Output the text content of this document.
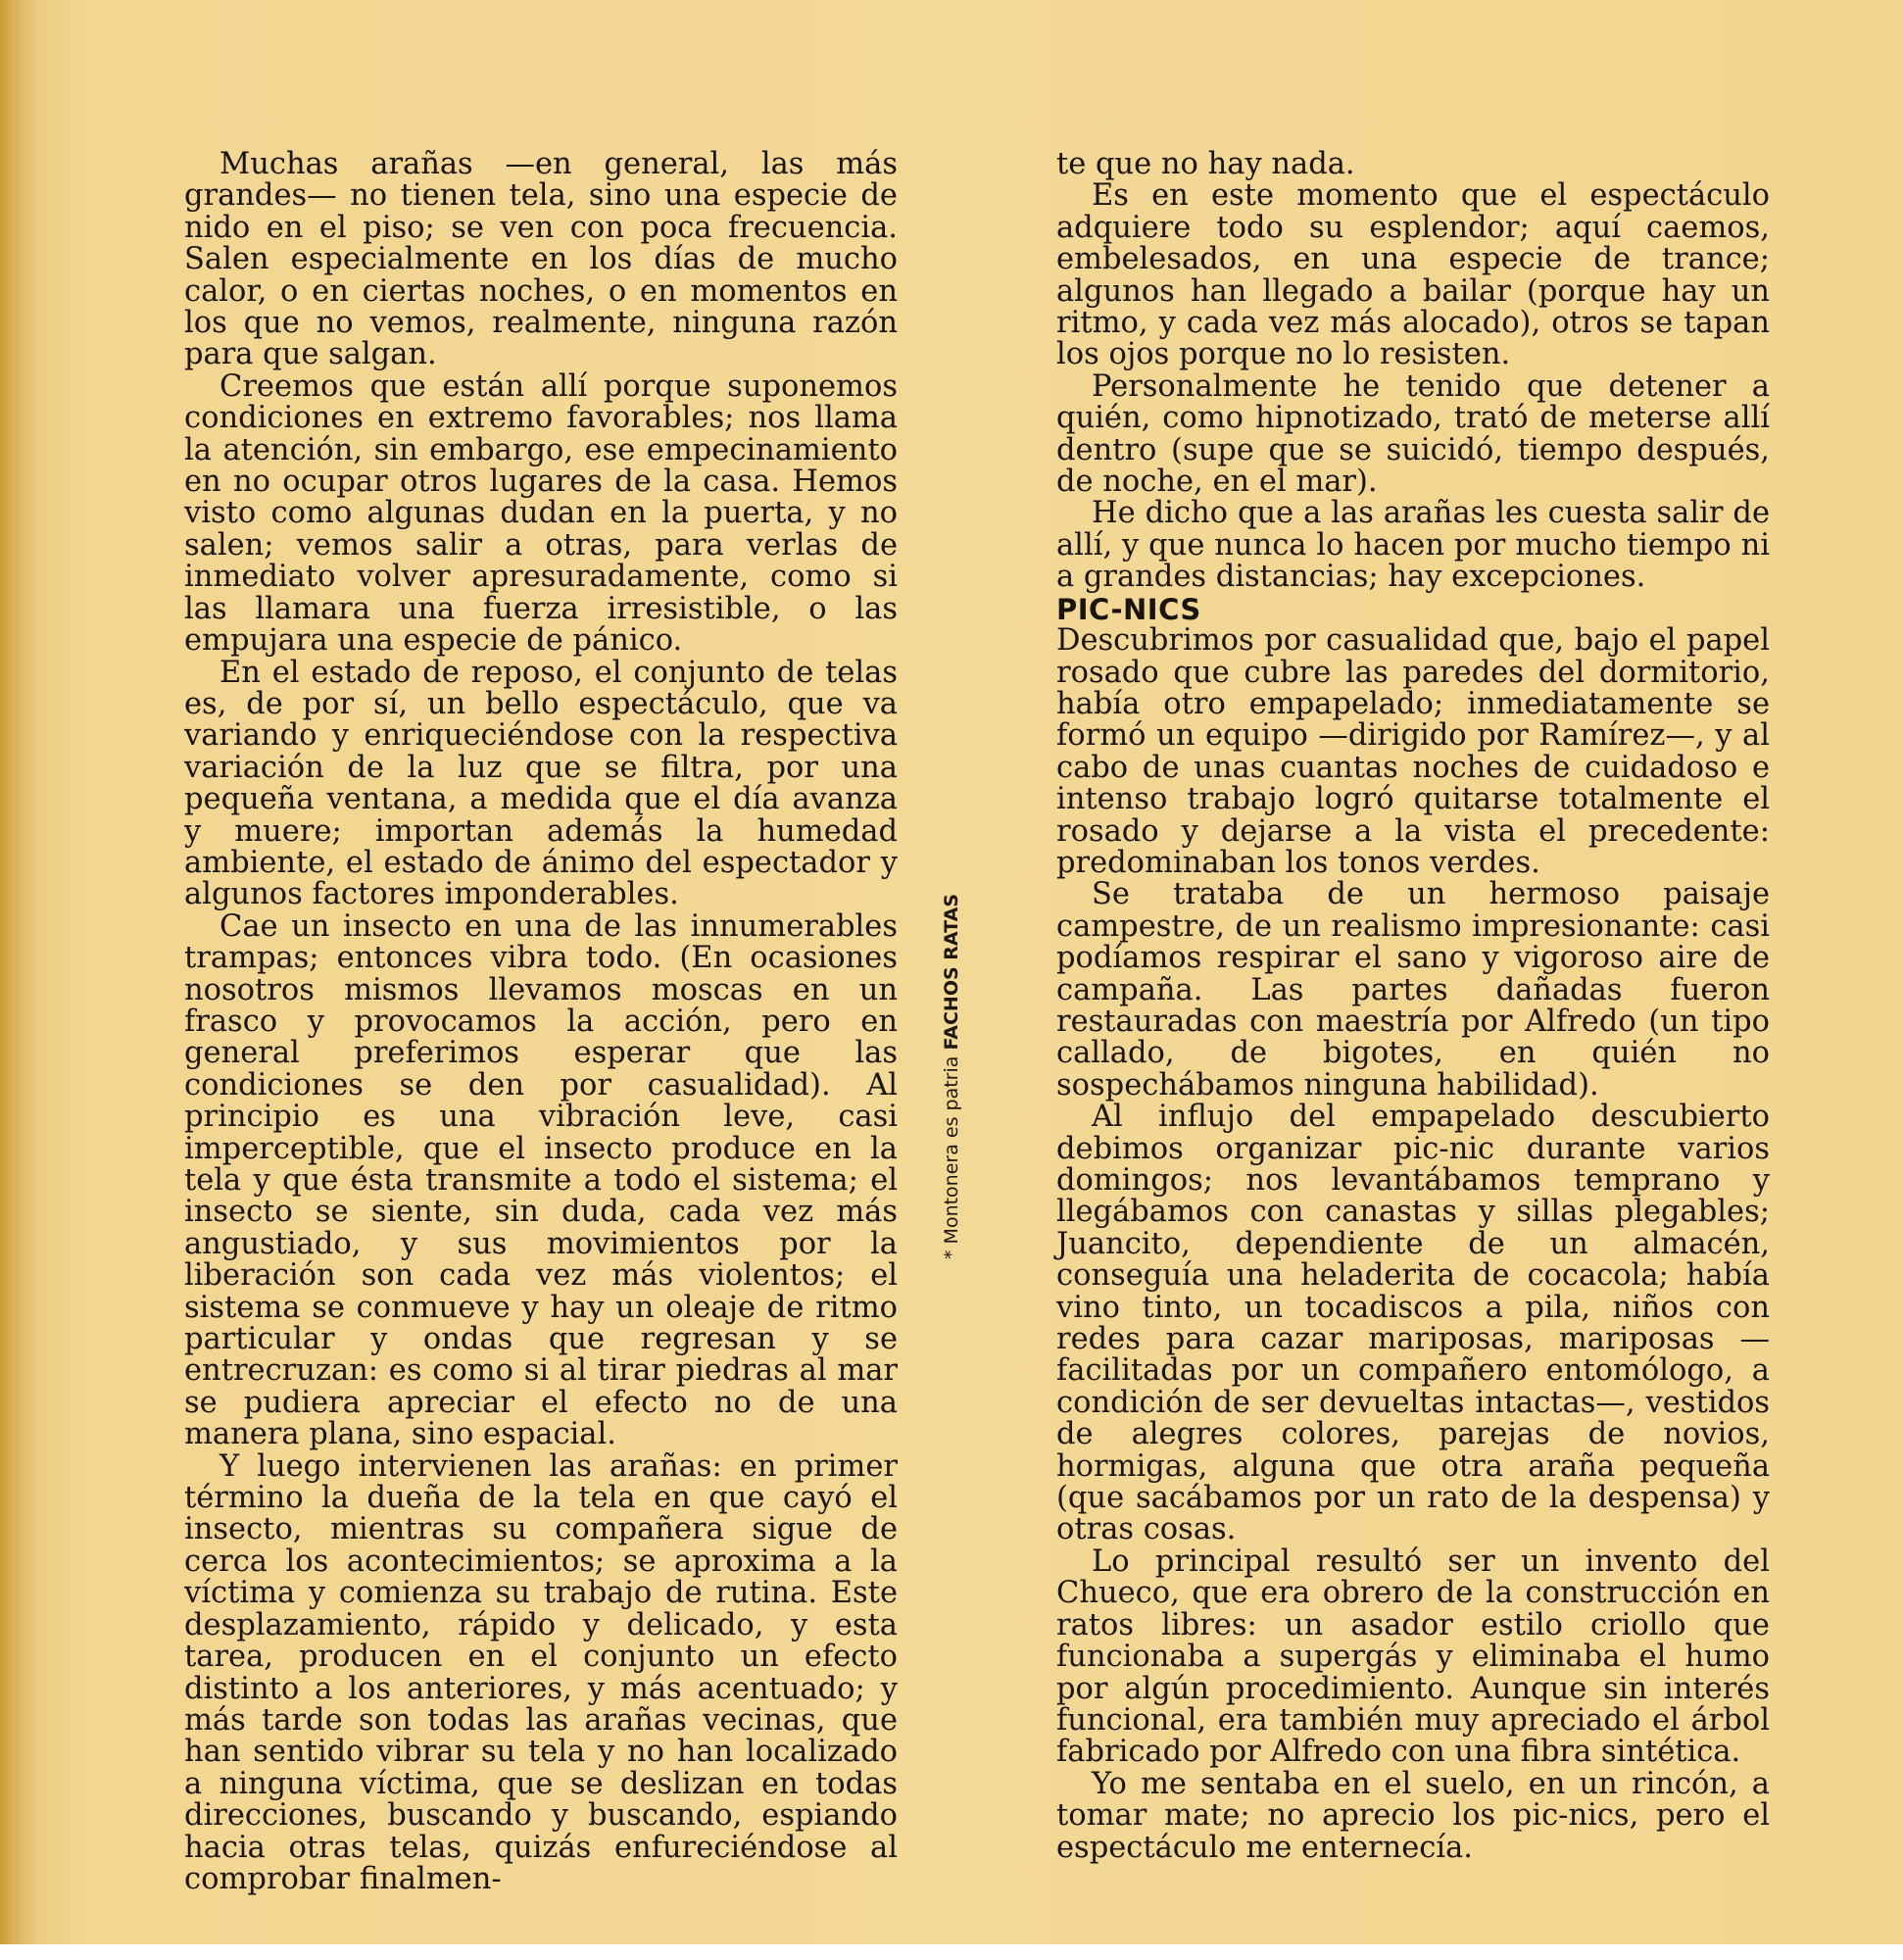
Muchas arañas —en general, las más grandes— no tienen tela, sino una especie de nido en el piso; se ven con poca frecuencia. Salen especialmente en los días de mucho calor, o en ciertas noches, o en momentos en los que no vemos, realmente, ninguna razón para que salgan.

Creemos que están allí porque suponemos condiciones en extremo favorables; nos llama la atención, sin embargo, ese empecinamiento en no ocupar otros lugares de la casa. Hemos visto como algunas dudan en la puerta, y no salen; vemos salir a otras, para verlas de inmediato volver apresuradamente, como si las llamara una fuerza irresistible, o las empujara una especie de pánico.

En el estado de reposo, el conjunto de telas es, de por sí, un bello espectáculo, que va variando y enriqueciéndose con la respectiva variación de la luz que se filtra, por una pequeña ventana, a medida que el día avanza y muere; importan además la humedad ambiente, el estado de ánimo del espectador y algunos factores imponderables.

Cae un insecto en una de las innumerables trampas; entonces vibra todo. (En ocasiones nosotros mismos llevamos moscas en un frasco y provocamos la acción, pero en general preferimos esperar que las condiciones se den por casualidad). Al principio es una vibración leve, casi imperceptible, que el insecto produce en la tela y que ésta transmite a todo el sistema; el insecto se siente, sin duda, cada vez más angustiado, y sus movimientos por la liberación son cada vez más violentos; el sistema se conmueve y hay un oleaje de ritmo particular y ondas que regresan y se entrecruzan: es como si al tirar piedras al mar se pudiera apreciar el efecto no de una manera plana, sino espacial.

Y luego intervienen las arañas: en primer término la dueña de la tela en que cayó el insecto, mientras su compañera sigue de cerca los acontecimientos; se aproxima a la víctima y comienza su trabajo de rutina. Este desplazamiento, rápido y delicado, y esta tarea, producen en el conjunto un efecto distinto a los anteriores, y más acentuado; y más tarde son todas las arañas vecinas, que han sentido vibrar su tela y no han localizado a ninguna víctima, que se deslizan en todas direcciones, buscando y buscando, espiando hacia otras telas, quizás enfureciéndose al comprobar finalmen-

* Montonera es patria FACHOS RATAS

te que no hay nada.

Es en este momento que el espectáculo adquiere todo su esplendor; aquí caemos, embelesados, en una especie de trance; algunos han llegado a bailar (porque hay un ritmo, y cada vez más alocado), otros se tapan los ojos porque no lo resisten.

Personalmente he tenido que detener a quién, como hipnotizado, trató de meterse allí dentro (supe que se suicidó, tiempo después, de noche, en el mar).

He dicho que a las arañas les cuesta salir de allí, y que nunca lo hacen por mucho tiempo ni a grandes distancias; hay excepciones.

PIC-NICS

Descubrimos por casualidad que, bajo el papel rosado que cubre las paredes del dormitorio, había otro empapelado; inmediatamente se formó un equipo —dirigido por Ramírez—, y al cabo de unas cuantas noches de cuidadoso e intenso trabajo logró quitarse totalmente el rosado y dejarse a la vista el precedente: predominaban los tonos verdes.

Se trataba de un hermoso paisaje campestre, de un realismo impresionante: casi podíamos respirar el sano y vigoroso aire de campaña. Las partes dañadas fueron restauradas con maestría por Alfredo (un tipo callado, de bigotes, en quién no sospechábamos ninguna habilidad).

Al influjo del empapelado descubierto debimos organizar pic-nic durante varios domingos; nos levantábamos temprano y llegábamos con canastas y sillas plegables; Juancito, dependiente de un almacén, conseguía una heladerita de cocacola; había vino tinto, un tocadiscos a pila, niños con redes para cazar mariposas, mariposas —facilitadas por un compañero entomólogo, a condición de ser devueltas intactas—, vestidos de alegres colores, parejas de novios, hormigas, alguna que otra araña pequeña (que sacábamos por un rato de la despensa) y otras cosas.

Lo principal resultó ser un invento del Chueco, que era obrero de la construcción en ratos libres: un asador estilo criollo que funcionaba a supergás y eliminaba el humo por algún procedimiento. Aunque sin interés funcional, era también muy apreciado el árbol fabricado por Alfredo con una fibra sintética.

Yo me sentaba en el suelo, en un rincón, a tomar mate; no aprecio los pic-nics, pero el espectáculo me enternecía.
